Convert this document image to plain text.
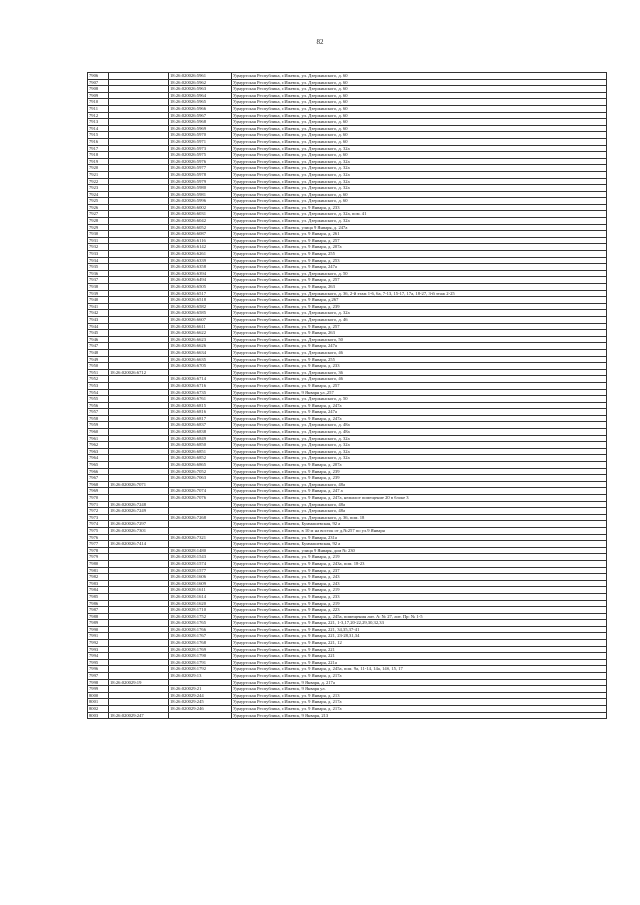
82
7906		18:26:020026:5961	Удмуртская Республика, г.Ижевск, ул. Дзержинского, д. 60
7907		18:26:020026:5962	Удмуртская Республика, г.Ижевск, ул. Дзержинского, д. 60
7908		18:26:020026:5963	Удмуртская Республика, г.Ижевск, ул. Дзержинского, д. 60
7909		18:26:020026:5964	Удмуртская Республика, г.Ижевск, ул. Дзержинского, д. 60
7910		18:26:020026:5965	Удмуртская Республика, г.Ижевск, ул. Дзержинского, д. 60
7911		18:26:020026:5966	Удмуртская Республика, г.Ижевск, ул. Дзержинского, д. 60
7912		18:26:020026:5967	Удмуртская Республика, г.Ижевск, ул. Дзержинского, д. 60
7913		18:26:020026:5968	Удмуртская Республика, г.Ижевск, ул. Дзержинского, д. 60
7914		18:26:020026:5969	Удмуртская Республика, г.Ижевск, ул. Дзержинского, д. 60
7915		18:26:020026:5970	Удмуртская Республика, г.Ижевск, ул. Дзержинского, д. 60
7916		18:26:020026:5971	Удмуртская Республика, г.Ижевск, ул. Дзержинского, д. 60
7917		18:26:020026:5973	Удмуртская Республика, г.Ижевск, ул. Дзержинского, д. 32а
7918		18:26:020026:5975	Удмуртская Республика, г.Ижевск, ул. Дзержинского, д. 60
7919		18:26:020026:5976	Удмуртская Республика, г.Ижевск, ул. Дзержинского, д. 32а
7920		18:26:020026:5977	Удмуртская Республика, г.Ижевск, ул. Дзержинского, д. 32а
7921		18:26:020026:5978	Удмуртская Республика, г.Ижевск, ул. Дзержинского, д. 32а
7922		18:26:020026:5979	Удмуртская Республика, г.Ижевск, ул. Дзержинского, д. 32а
7923		18:26:020026:5980	Удмуртская Республика, г.Ижевск, ул. Дзержинского, д. 32а
7924		18:26:020026:5981	Удмуртская Республика, г.Ижевск, ул. Дзержинского, д. 60
7925		18:26:020026:5996	Удмуртская Республика, г.Ижевск, ул. Дзержинского, д. 60
7926		18:26:020026:6002	Удмуртская Республика, г.Ижевск, ул. 9 Января, д. 233
7927		18:26:020026:6031	Удмуртская Республика, г.Ижевск, ул. Дзержинского, д. 32а, пом. 41
7928		18:26:020026:6042	Удмуртская Республика, г.Ижевск, ул. Дзержинского, д. 32а
7929		18:26:020026:6052	Удмуртская Республика, г.Ижевск, улица 9 Января, д. 247а
7930		18:26:020026:6087	Удмуртская Республика, г.Ижевск, ул. 9 Января, д. 261
7931		18:26:020026:6116	Удмуртская Республика, г.Ижевск, ул. 9 Января, д. 257
7932		18:26:020026:6142	Удмуртская Республика, г.Ижевск, ул. 9 Января, д. 207а
7933		18:26:020026:6261	Удмуртская Республика, г.Ижевск, ул. 9 Января, 255
7934		18:26:020026:6339	Удмуртская Республика, г.Ижевск, ул. 9 Января, д. 253
7935		18:26:020026:6358	Удмуртская Республика, г.Ижевск, ул. 9 Января, 247а
7936		18:26:020026:6394	Удмуртская Республика, г.Ижевск, ул. Дзержинского, д. 50
7937		18:26:020026:6494	Удмуртская Республика, г.Ижевск, ул. 9 Января, д. 257
7938		18:26:020026:6505	Удмуртская Республика, г.Ижевск, ул. 9 Января, 263
7939		18:26:020026:6517	Удмуртская Республика, г.Ижевск, ул. Дзержинского, д. 36, 2-й этаж 1-6, 6а, 7-13, 15-17, 17а, 18-27, 3-й этаж 2-25
7940		18:26:020026:6518	Удмуртская Республика, г.Ижевск, ул. 9 Января, д.267
7941		18:26:020026:6582	Удмуртская Республика, г.Ижевск, ул. 9 Января, д. 239
7942		18:26:020026:6585	Удмуртская Республика, г.Ижевск, ул. Дзержинского, д. 32а
7943		18:26:020026:6607	Удмуртская Республика, г.Ижевск, ул. Дзержинского, д. 46
7944		18:26:020026:6611	Удмуртская Республика, г.Ижевск, ул. 9 Января, д. 257
7945		18:26:020026:6622	Удмуртская Республика, г.Ижевск, ул. 9 Января, 263
7946		18:26:020026:6623	Удмуртская Республика, г.Ижевск, ул. Дзержинского, 50
7947		18:26:020026:6626	Удмуртская Республика, г.Ижевск, ул. 9 Января, 247а
7948		18:26:020026:6634	Удмуртская Республика, г.Ижевск, ул. Дзержинского, 46
7949		18:26:020026:6635	Удмуртская Республика, г.Ижевск, ул. 9 Января, 255
7950		18:26:020026:6705	Удмуртская Республика, г.Ижевск, ул. 9 Января, д. 233
7951	18:26:020026:6712		Удмуртская Республика, г.Ижевск, ул. Дзержинского, 36
7952		18:26:020026:6714	Удмуртская Республика, г.Ижевск, ул. Дзержинского, 46
7953		18:26:020026:6716	Удмуртская Республика, г.Ижевск, ул. 9 Января, д. 257
7954		18:26:020026:6735	Удмуртская Республика, г.Ижевск, 9 Января ул.,257
7955		18:26:020026:6761	Удмуртская Республика, г.Ижевск, ул. Дзержинского, д. 50
7956		18:26:020026:6815	Удмуртская Республика, г.Ижевск, ул. 9 Января, д. 247а
7957		18:26:020026:6816	Удмуртская Республика, г.Ижевск, ул. 9 Января, 247а
7958		18:26:020026:6817	Удмуртская Республика, г.Ижевск, ул. 9 Января, д. 247а
7959		18:26:020026:6837	Удмуртская Республика, г.Ижевск, ул. Дзержинского, д. 48а
7960		18:26:020026:6838	Удмуртская Республика, г.Ижевск, ул. Дзержинского, д. 48а
7961		18:26:020026:6849	Удмуртская Республика, г.Ижевск, ул. Дзержинского, д. 32а
7962		18:26:020026:6850	Удмуртская Республика, г.Ижевск, ул. Дзержинского, д. 32а
7963		18:26:020026:6851	Удмуртская Республика, г.Ижевск, ул. Дзержинского, д. 32а
7964		18:26:020026:6852	Удмуртская Республика, г.Ижевск, ул. Дзержинского, д. 32а
7965		18:26:020026:6865	Удмуртская Республика, г.Ижевск, ул. 9 Января, д. 207а
7966		18:26:020026:7052	Удмуртская Республика, г.Ижевск, ул. 9 Января, д. 239
7967		18:26:020026:7063	Удмуртская Республика, г.Ижевск, ул. 9 Января, д. 239
7968	18:26:020026:7071		Удмуртская Республика, г.Ижевск, ул. Дзержинского, 48а
7969		18:26:020026:7074	Удмуртская Республика, г.Ижевск, ул. 9 Января, д. 247 а
7970		18:26:020026:7076	Удмуртская Республика, г.Ижевск, ул. 9 Января, д. 247а, нежилое помещение 20 в блоке 3
7971	18:26:020026:7248		Удмуртская Республика, г.Ижевск, ул. Дзержинского, 48а
7972	18:26:020026:7249		Удмуртская Республика, г.Ижевск, ул. Дзержинского, 48а
7973		18:26:020026:7268	Удмуртская Республика, г.Ижевск, ул. Дзержинского, д. 36, пом. 18
7974	18:26:020026:7297		Удмуртская Республика, г.Ижевск, Буммашевская, 92 а
7975	18:26:020026:7301		Удмуртская Республика, г.Ижевск, в 10 м на восток от д.№257 по ул.9 Января
7976		18:26:020026:7321	Удмуртская Республика, г.Ижевск, ул. 9 Января, 231а
7977	18:26:020026:7414		Удмуртская Республика, г.Ижевск, Буммашевская, 92 а
7978		18:26:020028:1480	Удмуртская Республика, г.Ижевск, улица 9 Января, дом № 230
7979		18:26:020028:1543	Удмуртская Республика, г.Ижевск, ул. 9 Января, д. 219
7980		18:26:020028:1574	Удмуртская Республика, г.Ижевск, ул. 9 Января, д. 243а, пом. 18-23
7981		18:26:020028:1577	Удмуртская Республика, г.Ижевск, ул. 9 Января, д. 237
7982		18:26:020028:1606	Удмуртская Республика, г.Ижевск, ул. 9 Января, д. 243
7983		18:26:020028:1609	Удмуртская Республика, г.Ижевск, ул. 9 Января, д. 243
7984		18:26:020028:1611	Удмуртская Республика, г.Ижевск, ул. 9 Января, д. 219
7985		18:26:020028:1614	Удмуртская Республика, г.Ижевск, ул. 9 Января, д. 233
7986		18:26:020028:1620	Удмуртская Республика, г.Ижевск, ул. 9 Января, д. 219
7987		18:26:020028:1710	Удмуртская Республика, г.Ижевск, ул. 9 Января, д. 223
7988		18:26:020028:1752	Удмуртская Республика, г.Ижевск, ул. 9 Января, д. 245а, помещения лит. А: № 27, лит. Пр: № 1-5
7989		18:26:020028:1765	Удмуртская Республика, г.Ижевск, ул. 9 Января, 221, 1-3,17,20-22,29,30,32,33
7990		18:26:020028:1766	Удмуртская Республика, г.Ижевск, ул. 9 Января, 221, 34,35,37-41
7991		18:26:020028:1767	Удмуртская Республика, г.Ижевск, ул. 9 Января, 221, 23-28,31,34
7992		18:26:020028:1768	Удмуртская Республика, г.Ижевск, ул. 9 Января, 221, 12
7993		18:26:020028:1769	Удмуртская Республика, г.Ижевск, ул. 9 Января, 221
7994		18:26:020028:1790	Удмуртская Республика, г.Ижевск, ул. 9 Января, 221
7995		18:26:020028:1791	Удмуртская Республика, г.Ижевск, ул. 9 Января, 221а
7996		18:26:020028:1792	Удмуртская Республика, г.Ижевск, ул. 9 Января, д. 245а, пом. 9а, 11-14, 14а, 14б, 15, 17
7997		18:26:020029:13	Удмуртская Республика, г.Ижевск, ул. 9 Января, д. 217а
7998	18:26:020029:19		Удмуртская Республика, г.Ижевск, 9 Января, д. 217а
7999		18:26:020029:21	Удмуртская Республика, г.Ижевск, 9 Января ул.
8000		18:26:020029:244	Удмуртская Республика, г.Ижевск, ул. 9 Января, д. 213
8001		18:26:020029:245	Удмуртская Республика, г.Ижевск, ул. 9 Января, д. 217а
8002		18:26:020029:246	Удмуртская Республика, г.Ижевск, ул. 9 Января, д. 217а
8003	18:26:020029:247		Удмуртская Республика, г.Ижевск, 9 Января, 213
